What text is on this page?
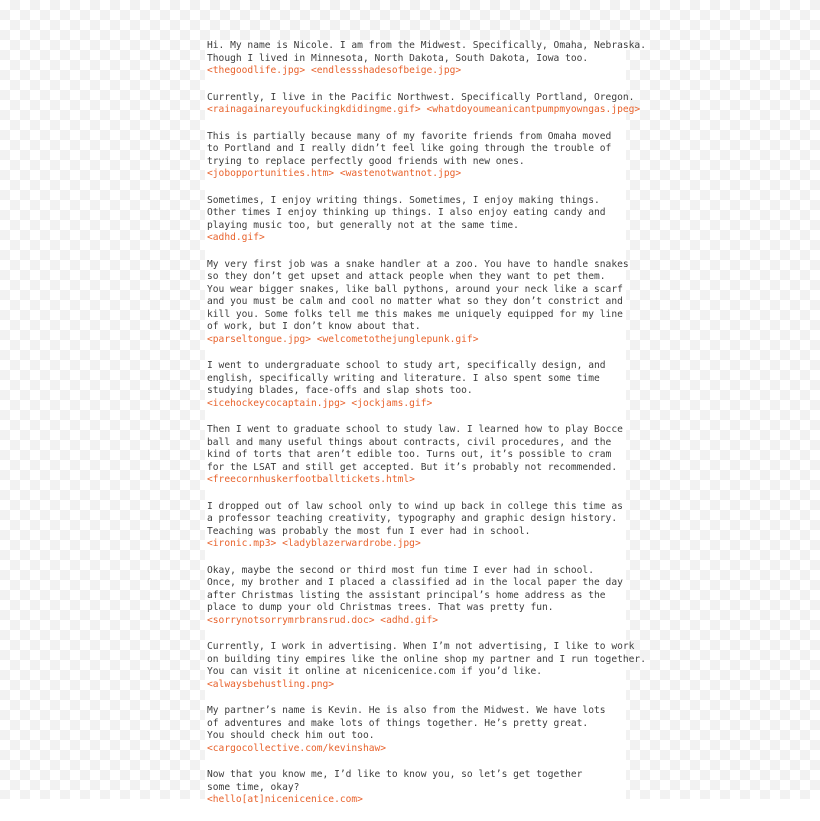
Hi. My name is Nicole. I am from the Midwest. Specifically, Omaha, Nebraska.
Though I lived in Minnesota, North Dakota, South Dakota, Iowa too.
<thegoodlife.jpg> <endlessshadesofbeige.jpg>
Currently, I live in the Pacific Northwest. Specifically Portland, Oregon.
<rainagainareyoufuckingkdidingme.gif> <whatdoyoumeanicantpumpmyowngas.jpeg>
This is partially because many of my favorite friends from Omaha moved
to Portland and I really didn’t feel like going through the trouble of
trying to replace perfectly good friends with new ones.
<jobopportunities.htm> <wastenotwantnot.jpg>
Sometimes, I enjoy writing things. Sometimes, I enjoy making things.
Other times I enjoy thinking up things. I also enjoy eating candy and
playing music too, but generally not at the same time.
<adhd.gif>
My very first job was a snake handler at a zoo. You have to handle snakes
so they don’t get upset and attack people when they want to pet them.
You wear bigger snakes, like ball pythons, around your neck like a scarf
and you must be calm and cool no matter what so they don’t constrict and
kill you. Some folks tell me this makes me uniquely equipped for my line
of work, but I don’t know about that.
<parseltongue.jpg> <welcometothejunglepunk.gif>
I went to undergraduate school to study art, specifically design, and
english, specifically writing and literature. I also spent some time
studying blades, face-offs and slap shots too.
<icehockeycocaptain.jpg> <jockjams.gif>
Then I went to graduate school to study law. I learned how to play Bocce
ball and many useful things about contracts, civil procedures, and the
kind of torts that aren’t edible too. Turns out, it’s possible to cram
for the LSAT and still get accepted. But it’s probably not recommended.
<freecornhuskerfootballtickets.html>
I dropped out of law school only to wind up back in college this time as
a professor teaching creativity, typography and graphic design history.
Teaching was probably the most fun I ever had in school.
<ironic.mp3> <ladyblazerwardrobe.jpg>
Okay, maybe the second or third most fun time I ever had in school.
Once, my brother and I placed a classified ad in the local paper the day
after Christmas listing the assistant principal’s home address as the
place to dump your old Christmas trees. That was pretty fun.
<sorrynotsorrymrbransrud.doc> <adhd.gif>
Currently, I work in advertising. When I’m not advertising, I like to work
on building tiny empires like the online shop my partner and I run together.
You can visit it online at nicenicenice.com if you’d like.
<alwaysbehustling.png>
My partner’s name is Kevin. He is also from the Midwest. We have lots
of adventures and make lots of things together. He’s pretty great.
You should check him out too.
<cargocollective.com/kevinshaw>
Now that you know me, I’d like to know you, so let’s get together
some time, okay?
<hello[at]nicenicenice.com>
